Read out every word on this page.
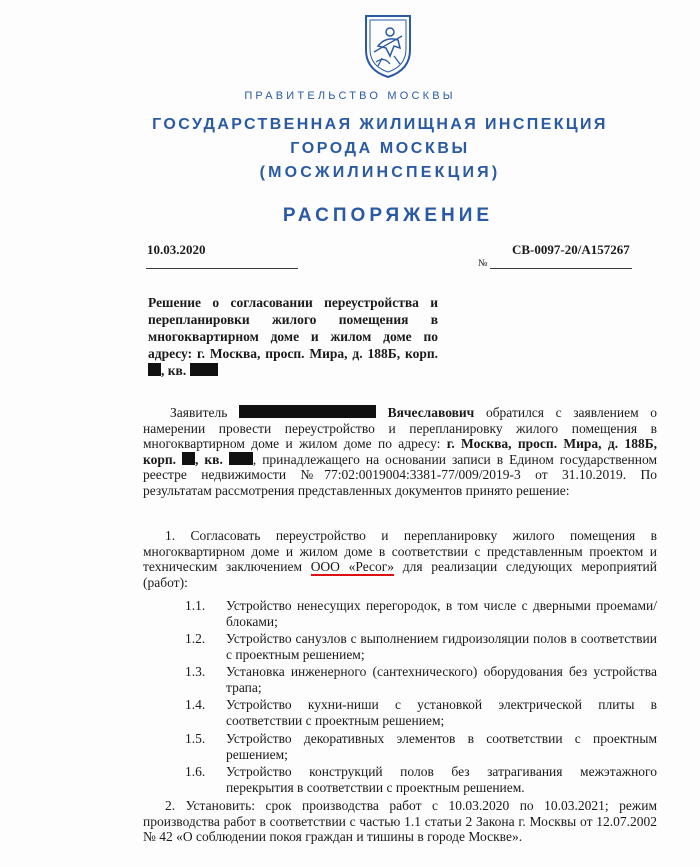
ПРАВИТЕЛЬСТВО МОСКВЫ
ГОСУДАРСТВЕННАЯ ЖИЛИЩНАЯ ИНСПЕКЦИЯ
ГОРОДА МОСКВЫ
(МОСЖИЛИНСПЕКЦИЯ)
РАСПОРЯЖЕНИЕ
10.03.2020
№
СВ-0097-20/А157267
Решение о согласовании переустройства и перепланировки жилого помещения в многоквартирном доме и жилом доме по адресу: г. Москва, просп. Мира, д. 188Б, корп. , кв.
Заявитель	Вячеславович обратился с заявлением о намерении провести переустройство и перепланировку жилого помещения в многоквартирном доме и жилом доме по адресу: г. Москва, просп. Мира, д. 188Б, корп. , кв. , принадлежащего на основании записи в Едином государственном реестре недвижимости №77:02:0019004:3381-77/009/2019-3 от 31.10.2019. По результатам рассмотрения представленных документов принято решение:
1. Согласовать переустройство и перепланировку жилого помещения в многоквартирном доме и жилом доме в соответствии с представленным проектом и техническим заключением ООО «Ресог» для реализации следующих мероприятий (работ):
1.1.	Устройство ненесущих перегородок, в том числе с дверными проемами/блоками;
1.2.	Устройство санузлов с выполнением гидроизоляции полов в соответствии с проектным решением;
1.3.	Установка инженерного (сантехнического) оборудования без устройства трапа;
1.4.	Устройство кухни-ниши с установкой электрической плиты в соответствии с проектным решением;
1.5.	Устройство декоративных элементов в соответствии с проектным решением;
1.6.	Устройство конструкций полов без затрагивания межэтажного перекрытия в соответствии с проектным решением.
2. Установить: срок производства работ с 10.03.2020 по 10.03.2021; режим производства работ в соответствии с частью 1.1 статьи 2 Закона г. Москвы от 12.07.2002 № 42 «О соблюдении покоя граждан и тишины в городе Москве».
